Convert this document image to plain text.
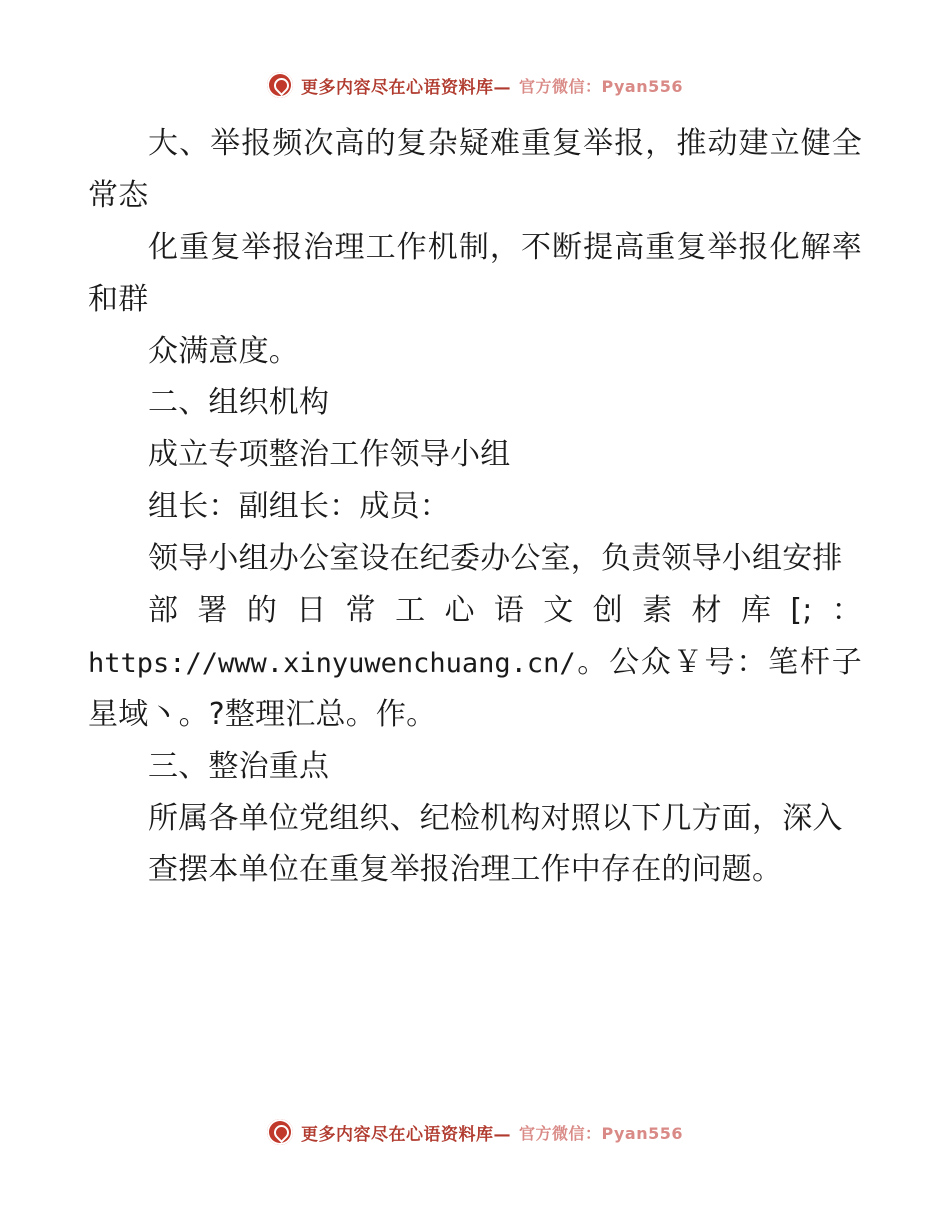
更多内容尽在心语资料库— 官方微信：Pyan556

大、举报频次高的复杂疑难重复举报，推动建立健全常态

化重复举报治理工作机制，不断提高重复举报化解率和群

众满意度。

二、组织机构

成立专项整治工作领导小组

组长：副组长：成员：

领导小组办公室设在纪委办公室，负责领导小组安排

部署的日常工心语文创素材库[;：https://www.xinyuwenchuang.cn/。公众￥号：笔杆子星域丶。?整理汇总。作。

三、整治重点

所属各单位党组织、纪检机构对照以下几方面，深入

查摆本单位在重复举报治理工作中存在的问题。

更多内容尽在心语资料库— 官方微信：Pyan556
